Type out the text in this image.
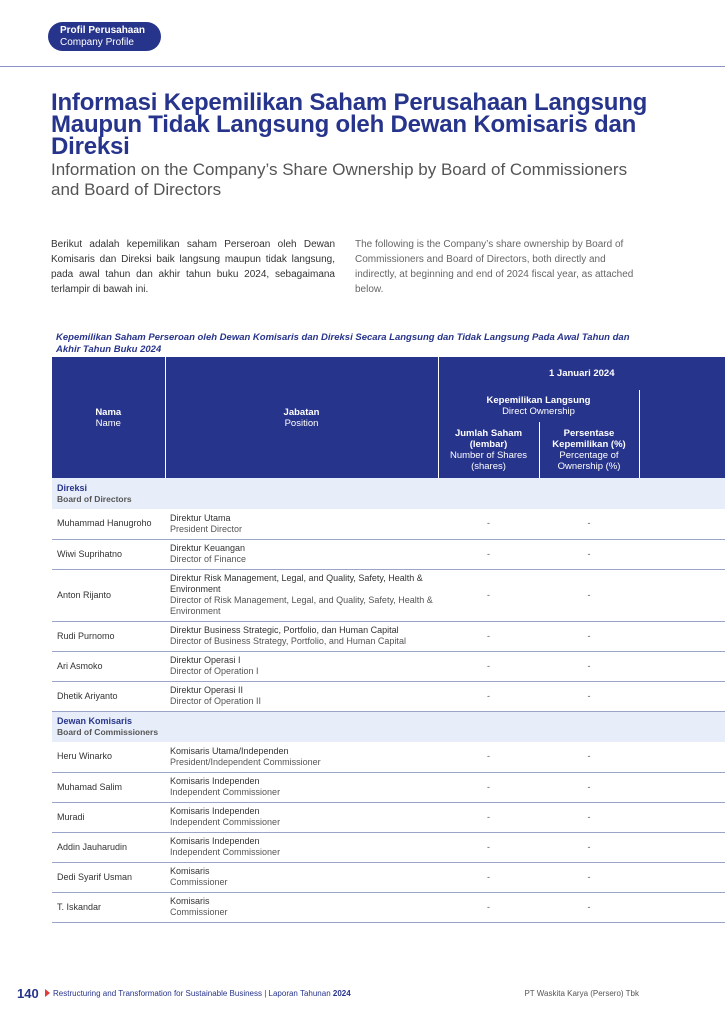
Profil Perusahaan
Company Profile
Informasi Kepemilikan Saham Perusahaan Langsung Maupun Tidak Langsung oleh Dewan Komisaris dan Direksi
Information on the Company’s Share Ownership by Board of Commissioners and Board of Directors

Berikut adalah kepemilikan saham Perseroan oleh Dewan Komisaris dan Direksi baik langsung maupun tidak langsung, pada awal tahun dan akhir tahun buku 2024, sebagaimana terlampir di bawah ini.

The following is the Company’s share ownership by Board of Commissioners and Board of Directors, both directly and indirectly, at beginning and end of 2024 fiscal year, as attached below.

Kepemilikan Saham Perseroan oleh Dewan Komisaris dan Direksi Secara Langsung dan Tidak Langsung Pada Awal Tahun dan Akhir Tahun Buku 2024
Nama
Name	Jabatan
Position	1 Januari 2024		

		Kepemilikan Langsung
Direct Ownership		

		Jumlah Saham (lembar)
Number of Shares (shares)	Persentase Kepemilikan (%)
Percentage of Ownership (%)	

Direksi
Board of Directors				

Muhammad Hanugroho	Direktur Utama
President Director	-	-	
Wiwi Suprihatno	Direktur Keuangan
Director of Finance	-	-	
Anton Rijanto	Direktur Risk Management, Legal, and Quality, Safety, Health & Environment
Director of Risk Management, Legal, and Quality, Safety, Health & Environment	-	-	
Rudi Purnomo	Direktur Business Strategic, Portfolio, dan Human Capital
Director of Business Strategy, Portfolio, and Human Capital	-	-	
Ari Asmoko	Direktur Operasi I
Director of Operation I	-	-	
Dhetik Ariyanto	Direktur Operasi II
Director of Operation II	-	-	

Dewan Komisaris
Board of Commissioners				

Heru Winarko	Komisaris Utama/Independen
President/Independent Commissioner	-	-	
Muhamad Salim	Komisaris Independen
Independent Commissioner	-	-	
Muradi	Komisaris Independen
Independent Commissioner	-	-	
Addin Jauharudin	Komisaris Independen
Independent Commissioner	-	-	
Dedi Syarif Usman	Komisaris
Commissioner	-	-	
T. Iskandar	Komisaris
Commissioner	-	-	
140 Restructuring and Transformation for Sustainable Business | Laporan Tahunan 2024	PT Waskita Karya (Persero) Tbk
